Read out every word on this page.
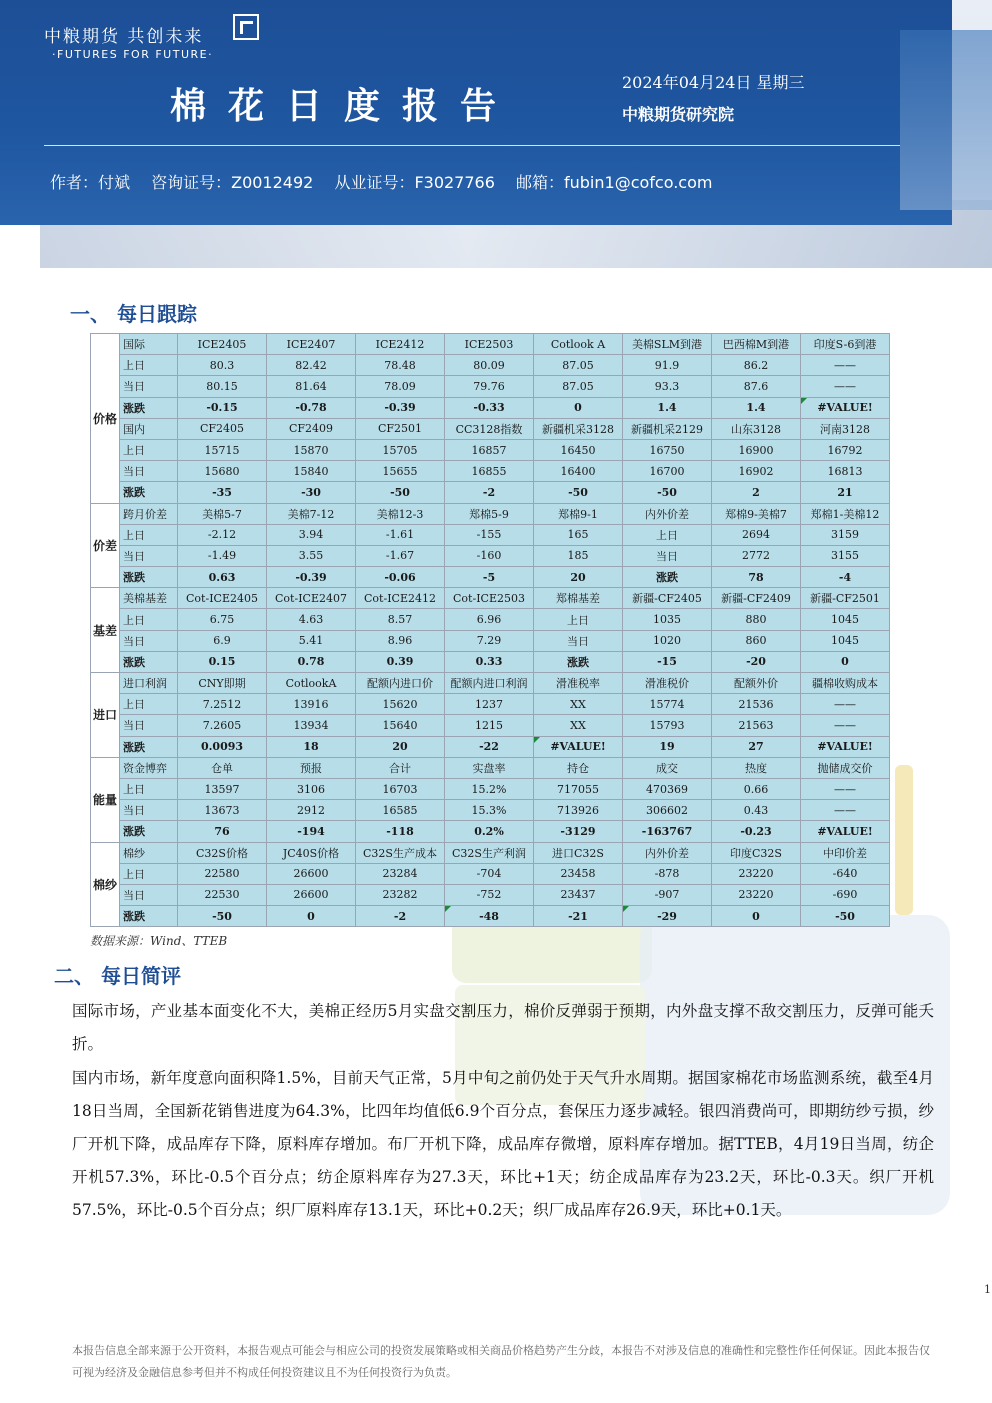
中粮期货 共创未来
·FUTURES FOR FUTURE·
棉花日度报告
2024年04月24日 星期三
中粮期货研究院
作者：付斌 咨询证号：Z0012492 从业证号：F3027766 邮箱：fubin1@cofco.com
一、 每日跟踪
价格	国际	ICE2405	ICE2407	ICE2412	ICE2503	Cotlook A	美棉SLM到港	巴西棉M到港	印度S-6到港
	上日	80.3	82.42	78.48	80.09	87.05	91.9	86.2	——
	当日	80.15	81.64	78.09	79.76	87.05	93.3	87.6	——
	涨跌	-0.15	-0.78	-0.39	-0.33	0	1.4	1.4	#VALUE!
	国内	CF2405	CF2409	CF2501	CC3128指数	新疆机采3128	新疆机采2129	山东3128	河南3128
	上日	15715	15870	15705	16857	16450	16750	16900	16792
	当日	15680	15840	15655	16855	16400	16700	16902	16813
	涨跌	-35	-30	-50	-2	-50	-50	2	21
价差	跨月价差	美棉5-7	美棉7-12	美棉12-3	郑棉5-9	郑棉9-1	内外价差	郑棉9-美棉7	郑棉1-美棉12
	上日	-2.12	3.94	-1.61	-155	165	上日	2694	3159
	当日	-1.49	3.55	-1.67	-160	185	当日	2772	3155
	涨跌	0.63	-0.39	-0.06	-5	20	涨跌	78	-4
基差	美棉基差	Cot-ICE2405	Cot-ICE2407	Cot-ICE2412	Cot-ICE2503	郑棉基差	新疆-CF2405	新疆-CF2409	新疆-CF2501
	上日	6.75	4.63	8.57	6.96	上日	1035	880	1045
	当日	6.9	5.41	8.96	7.29	当日	1020	860	1045
	涨跌	0.15	0.78	0.39	0.33	涨跌	-15	-20	0
进口	进口利润	CNY即期	CotlookA	配额内进口价	配额内进口利润	滑准税率	滑准税价	配额外价	疆棉收购成本
	上日	7.2512	13916	15620	1237	XX	15774	21536	——
	当日	7.2605	13934	15640	1215	XX	15793	21563	——
	涨跌	0.0093	18	20	-22	#VALUE!	19	27	#VALUE!
能量	资金博弈	仓单	预报	合计	实盘率	持仓	成交	热度	抛储成交价
	上日	13597	3106	16703	15.2%	717055	470369	0.66	——
	当日	13673	2912	16585	15.3%	713926	306602	0.43	——
	涨跌	76	-194	-118	0.2%	-3129	-163767	-0.23	#VALUE!
棉纱	棉纱	C32S价格	JC40S价格	C32S生产成本	C32S生产利润	进口C32S	内外价差	印度C32S	中印价差
	上日	22580	26600	23284	-704	23458	-878	23220	-640
	当日	22530	26600	23282	-752	23437	-907	23220	-690
	涨跌	-50	0	-2	-48	-21	-29	0	-50
数据来源：Wind、TTEB
二、 每日简评
国际市场，产业基本面变化不大，美棉正经历5月实盘交割压力，棉价反弹弱于预期，内外盘支撑不敌交割压力，反弹可能夭折。
国内市场，新年度意向面积降1.5%，目前天气正常，5月中旬之前仍处于天气升水周期。据国家棉花市场监测系统，截至4月18日当周，全国新花销售进度为64.3%，比四年均值低6.9个百分点，套保压力逐步减轻。银四消费尚可，即期纺纱亏损，纱厂开机下降，成品库存下降，原料库存增加。布厂开机下降，成品库存微增，原料库存增加。据TTEB，4月19日当周，纺企开机57.3%，环比-0.5个百分点；纺企原料库存为27.3天，环比+1天；纺企成品库存为23.2天，环比-0.3天。织厂开机57.5%，环比-0.5个百分点；织厂原料库存13.1天，环比+0.2天；织厂成品库存26.9天，环比+0.1天。
1
本报告信息全部来源于公开资料，本报告观点可能会与相应公司的投资发展策略或相关商品价格趋势产生分歧，本报告不对涉及信息的准确性和完整性作任何保证。因此本报告仅可视为经济及金融信息参考但并不构成任何投资建议且不为任何投资行为负责。
